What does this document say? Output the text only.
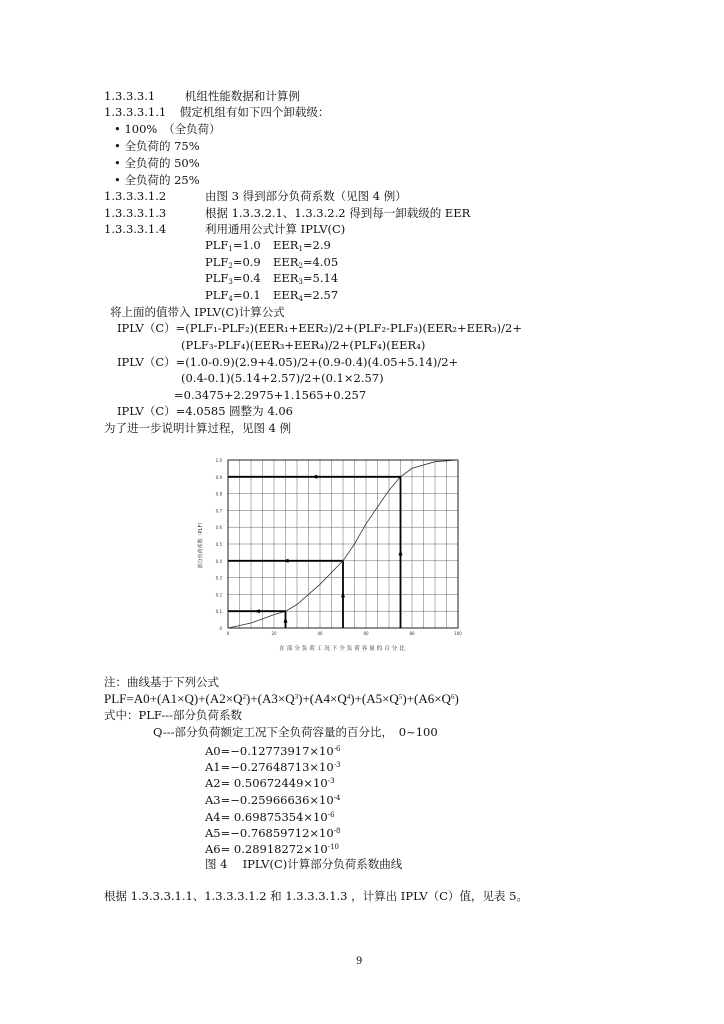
1.3.3.3.1	机组性能数据和计算例
1.3.3.3.1.1 假定机组有如下四个卸载级：
• 100%　（全负荷）
• 全负荷的 75%
• 全负荷的 50%
• 全负荷的 25%
1.3.3.3.1.2	由图 3 得到部分负荷系数（见图 4 例）
1.3.3.3.1.3	根据 1.3.3.2.1、1.3.3.2.2 得到每一卸载级的 EER
1.3.3.3.1.4	利用通用公式计算 IPLV(C)
$PLF_1=1.0$ $EER_1=2.9$
$PLF_2=0.9$ $EER_2=4.05$
$PLF_3=0.4$ $EER_3=5.14$
$PLF_4=0.1$ $EER_4=2.57$
将上面的值带入 IPLV(C)计算公式
IPLV（C）=(PLF₁-PLF₂)(EER₁+EER₂)/2+(PLF₂-PLF₃)(EER₂+EER₃)/2+
(PLF₃-PLF₄)(EER₃+EER₄)/2+(PLF₄)(EER₄)
IPLV（C）=(1.0-0.9)(2.9+4.05)/2+(0.9-0.4)(4.05+5.14)/2+
(0.4-0.1)(5.14+2.57)/2+(0.1×2.57)
=0.3475+2.2975+1.1565+0.257
IPLV（C）=4.0585 圆整为 4.06
为了进一步说明计算过程，见图 4 例
0
0.1
0.2
0.3
0.4
0.5
0.6
0.7
0.8
0.9
1.0
0	20	40	60	80	100
在部分负荷工况下全负荷容量的百分比
部分负荷系数（PLF）
注：曲线基于下列公式
$PLF=A0+(A1\times Q)+(A2\times Q^2)+(A3\times Q^3)+(A4\times Q^4)+(A5\times Q^5)+(A6\times Q^6)$
式中：PLF---部分负荷系数
Q---部分负荷额定工况下全负荷容量的百分比，　0~100
$A0=-0.12773917\times 10^{-6}$
$A1=-0.27648713\times 10^{-3}$
$A2= 0.50672449\times 10^{-3}$
$A3=-0.25966636\times 10^{-4}$
$A4= 0.69875354\times 10^{-6}$
$A5=-0.76859712\times 10^{-8}$
$A6= 0.28918272\times 10^{-10}$
图 4　 IPLV(C)计算部分负荷系数曲线
根据 1.3.3.3.1.1、1.3.3.3.1.2 和 1.3.3.3.1.3 ，计算出 IPLV（C）值，见表 5。
9
